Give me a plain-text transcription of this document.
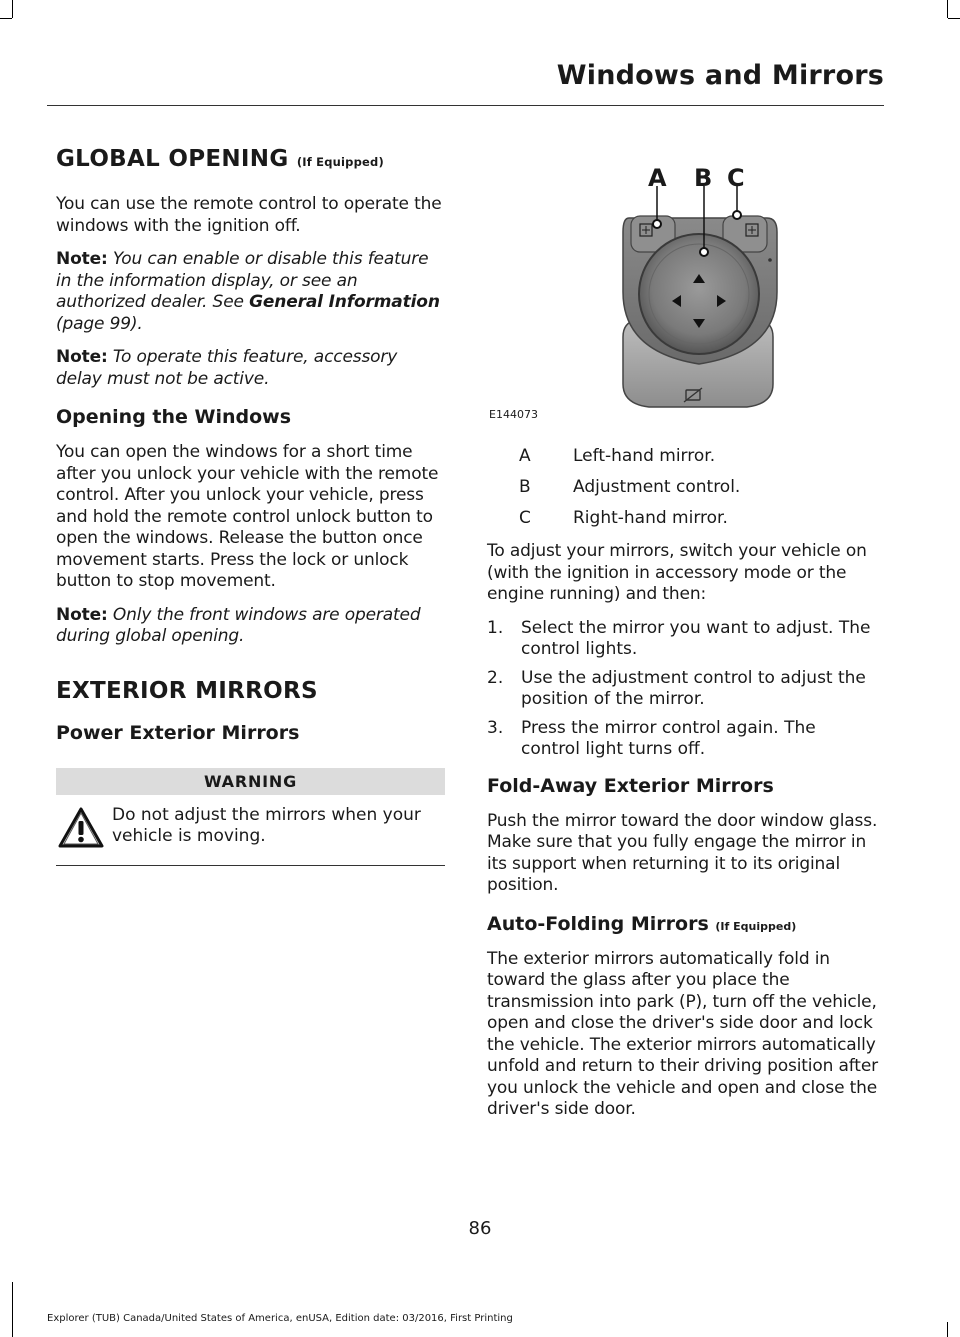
Windows and Mirrors
GLOBAL OPENING (If Equipped)

You can use the remote control to operate the windows with the ignition off.

Note: You can enable or disable this feature in the information display, or see an authorized dealer. See General Information (page 99).

Note: To operate this feature, accessory delay must not be active.

Opening the Windows

You can open the windows for a short time after you unlock your vehicle with the remote control. After you unlock your vehicle, press and hold the remote control unlock button to open the windows. Release the button once movement starts. Press the lock or unlock button to stop movement.

Note: Only the front windows are operated during global opening.

EXTERIOR MIRRORS
Power Exterior Mirrors
WARNING
Do not adjust the mirrors when your vehicle is moving.
A B C
E144073
A	Left-hand mirror.
B	Adjustment control.
C	Right-hand mirror.

To adjust your mirrors, switch your vehicle on (with the ignition in accessory mode or the engine running) and then:

1.	Select the mirror you want to adjust. The control lights.
2.	Use the adjustment control to adjust the position of the mirror.
3.	Press the mirror control again. The control light turns off.
Fold-Away Exterior Mirrors

Push the mirror toward the door window glass. Make sure that you fully engage the mirror in its support when returning it to its original position.

Auto-Folding Mirrors (If Equipped)

The exterior mirrors automatically fold in toward the glass after you place the transmission into park (P), turn off the vehicle, open and close the driver's side door and lock the vehicle. The exterior mirrors automatically unfold and return to their driving position after you unlock the vehicle and open and close the driver's side door.

86
Explorer (TUB) Canada/United States of America, enUSA, Edition date: 03/2016, First Printing
